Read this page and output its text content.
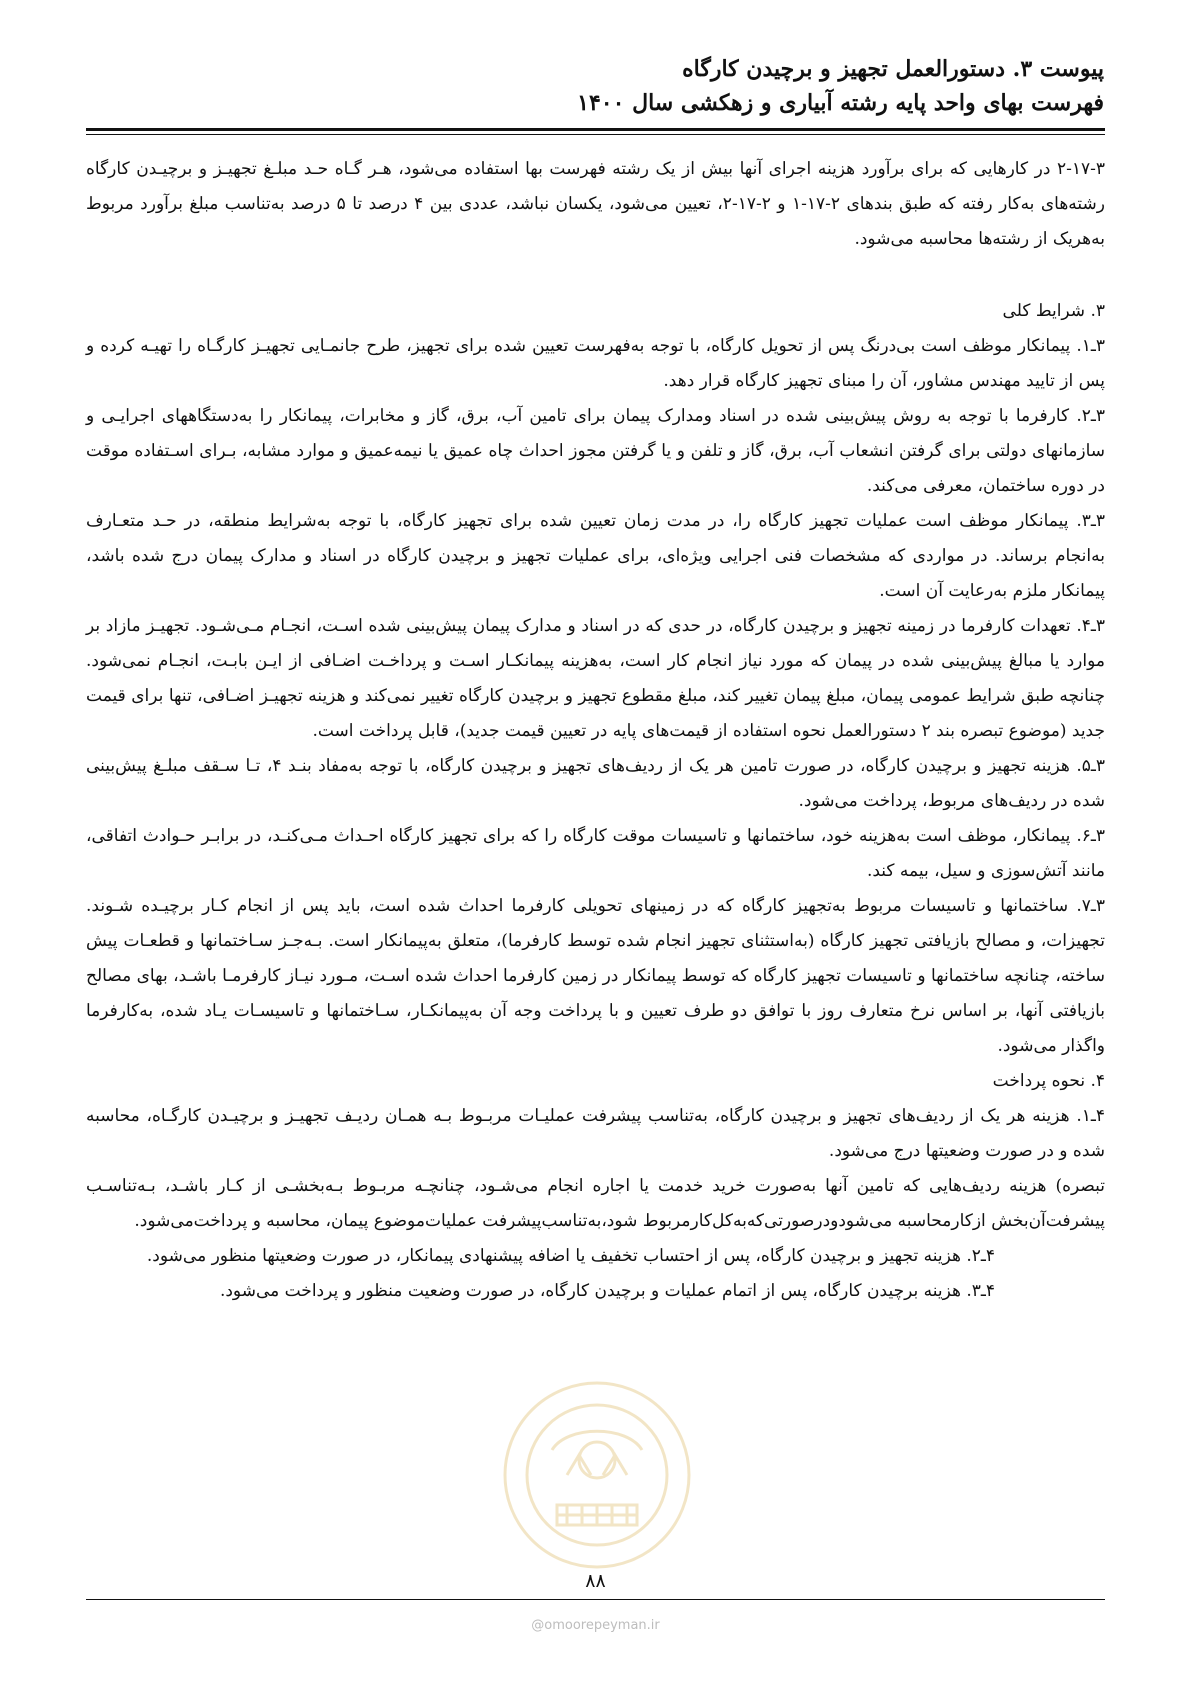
پیوست ۳. دستورالعمل تجهیز و برچیدن کارگاه
فهرست بهای واحد پایه رشته آبیاری و زهکشی سال ۱۴۰۰

۲-۱۷-۳ در کارهایی که برای برآورد هزینه اجرای آنها بیش از یک رشته فهرست بها استفاده می‌شود، هـر گـاه حـد مبلـغ تجهیـز و برچیـدن کارگاه رشته‌های به‌کار رفته که طبق بندهای ۲-۱۷-۱ و ۲-۱۷-۲، تعیین می‌شود، یکسان نباشد، عددی بین ۴ درصد تا ۵ درصد به‌تناسب مبلغ برآورد مربوط به‌هریک از رشته‌ها محاسبه می‌شود.

۳. شرایط کلی

۳ـ۱. پیمانکار موظف است بی‌درنگ پس از تحویل کارگاه، با توجه به‌فهرست تعیین شده برای تجهیز، طرح جانمـایی تجهیـز کارگـاه را تهیـه کرده و پس از تایید مهندس مشاور، آن را مبنای تجهیز کارگاه قرار دهد.

۳ـ۲. کارفرما با توجه به روش پیش‌بینی شده در اسناد ومدارک پیمان برای تامین آب، برق، گاز و مخابرات، پیمانکار را به‌دستگاههای اجرایـی و سازمانهای دولتی برای گرفتن انشعاب آب، برق، گاز و تلفن و یا گرفتن مجوز احداث چاه عمیق یا نیمه‌عمیق و موارد مشابه، بـرای اسـتفاده موقت در دوره ساختمان، معرفی می‌کند.

۳ـ۳. پیمانکار موظف است عملیات تجهیز کارگاه را، در مدت زمان تعیین شده برای تجهیز کارگاه، با توجه به‌شرایط منطقه، در حـد متعـارف به‌انجام برساند. در مواردی که مشخصات فنی اجرایی ویژه‌ای، برای عملیات تجهیز و برچیدن کارگاه در اسناد و مدارک پیمان درج شده باشد، پیمانکار ملزم به‌رعایت آن است.

۳ـ۴. تعهدات کارفرما در زمینه تجهیز و برچیدن کارگاه، در حدی که در اسناد و مدارک پیمان پیش‌بینی شده اسـت، انجـام مـی‌شـود. تجهیـز مازاد بر موارد یا مبالغ پیش‌بینی شده در پیمان که مورد نیاز انجام کار است، به‌هزینه پیمانکـار اسـت و پرداخـت اضـافی از ایـن بابـت، انجـام نمی‌شود. چنانچه طبق شرایط عمومی پیمان، مبلغ پیمان تغییر کند، مبلغ مقطوع تجهیز و برچیدن کارگاه تغییر نمی‌کند و هزینه تجهیـز اضـافی، تنها برای قیمت جدید (موضوع تبصره بند ۲ دستورالعمل نحوه استفاده از قیمت‌های پایه در تعیین قیمت جدید)، قابل پرداخت است.

۳ـ۵. هزینه تجهیز و برچیدن کارگاه، در صورت تامین هر یک از ردیف‌های تجهیز و برچیدن کارگاه، با توجه به‌مفاد بنـد ۴، تـا سـقف مبلـغ پیش‌بینی شده در ردیف‌های مربوط، پرداخت می‌شود.

۳ـ۶. پیمانکار، موظف است به‌هزینه خود، ساختمانها و تاسیسات موقت کارگاه را که برای تجهیز کارگاه احـداث مـی‌کنـد، در برابـر حـوادث اتفاقی، مانند آتش‌سوزی و سیل، بیمه کند.

۳ـ۷. ساختمانها و تاسیسات مربوط به‌تجهیز کارگاه که در زمینهای تحویلی کارفرما احداث شده است، باید پس از انجام کـار برچیـده شـوند. تجهیزات، و مصالح بازیافتی تجهیز کارگاه (به‌استثنای تجهیز انجام شده توسط کارفرما)، متعلق به‌پیمانکار است. بـه‌جـز سـاختمانها و قطعـات پیش ساخته، چنانچه ساختمانها و تاسیسات تجهیز کارگاه که توسط پیمانکار در زمین کارفرما احداث شده اسـت، مـورد نیـاز کارفرمـا باشـد، بهای مصالح بازیافتی آنها، بر اساس نرخ متعارف روز با توافق دو طرف تعیین و با پرداخت وجه آن به‌پیمانکـار، سـاختمانها و تاسیسـات یـاد شده، به‌کارفرما واگذار می‌شود.

۴. نحوه پرداخت

۴ـ۱. هزینه هر یک از ردیف‌های تجهیز و برچیدن کارگاه، به‌تناسب پیشرفت عملیـات مربـوط بـه همـان ردیـف تجهیـز و برچیـدن کارگـاه، محاسبه شده و در صورت وضعیتها درج می‌شود.

تبصره) هزینه ردیف‌هایی که تامین آنها به‌صورت خرید خدمت یا اجاره انجام می‌شـود، چنانچـه مربـوط بـه‌بخشـی از کـار باشـد، بـه‌تناسـب پیشرفت‌آن‌بخش ازکارمحاسبه می‌شودودرصورتی‌که‌به‌کل‌کارمربوط شود،به‌تناسب‌پیشرفت عملیات‌موضوع پیمان، محاسبه و پرداخت‌می‌شود.

۴ـ۲. هزینه تجهیز و برچیدن کارگاه، پس از احتساب تخفیف یا اضافه پیشنهادی پیمانکار، در صورت وضعیتها منظور می‌شود.

۴ـ۳. هزینه برچیدن کارگاه، پس از اتمام عملیات و برچیدن کارگاه، در صورت وضعیت منظور و پرداخت می‌شود.

۸۸
@omoorepeyman.ir
